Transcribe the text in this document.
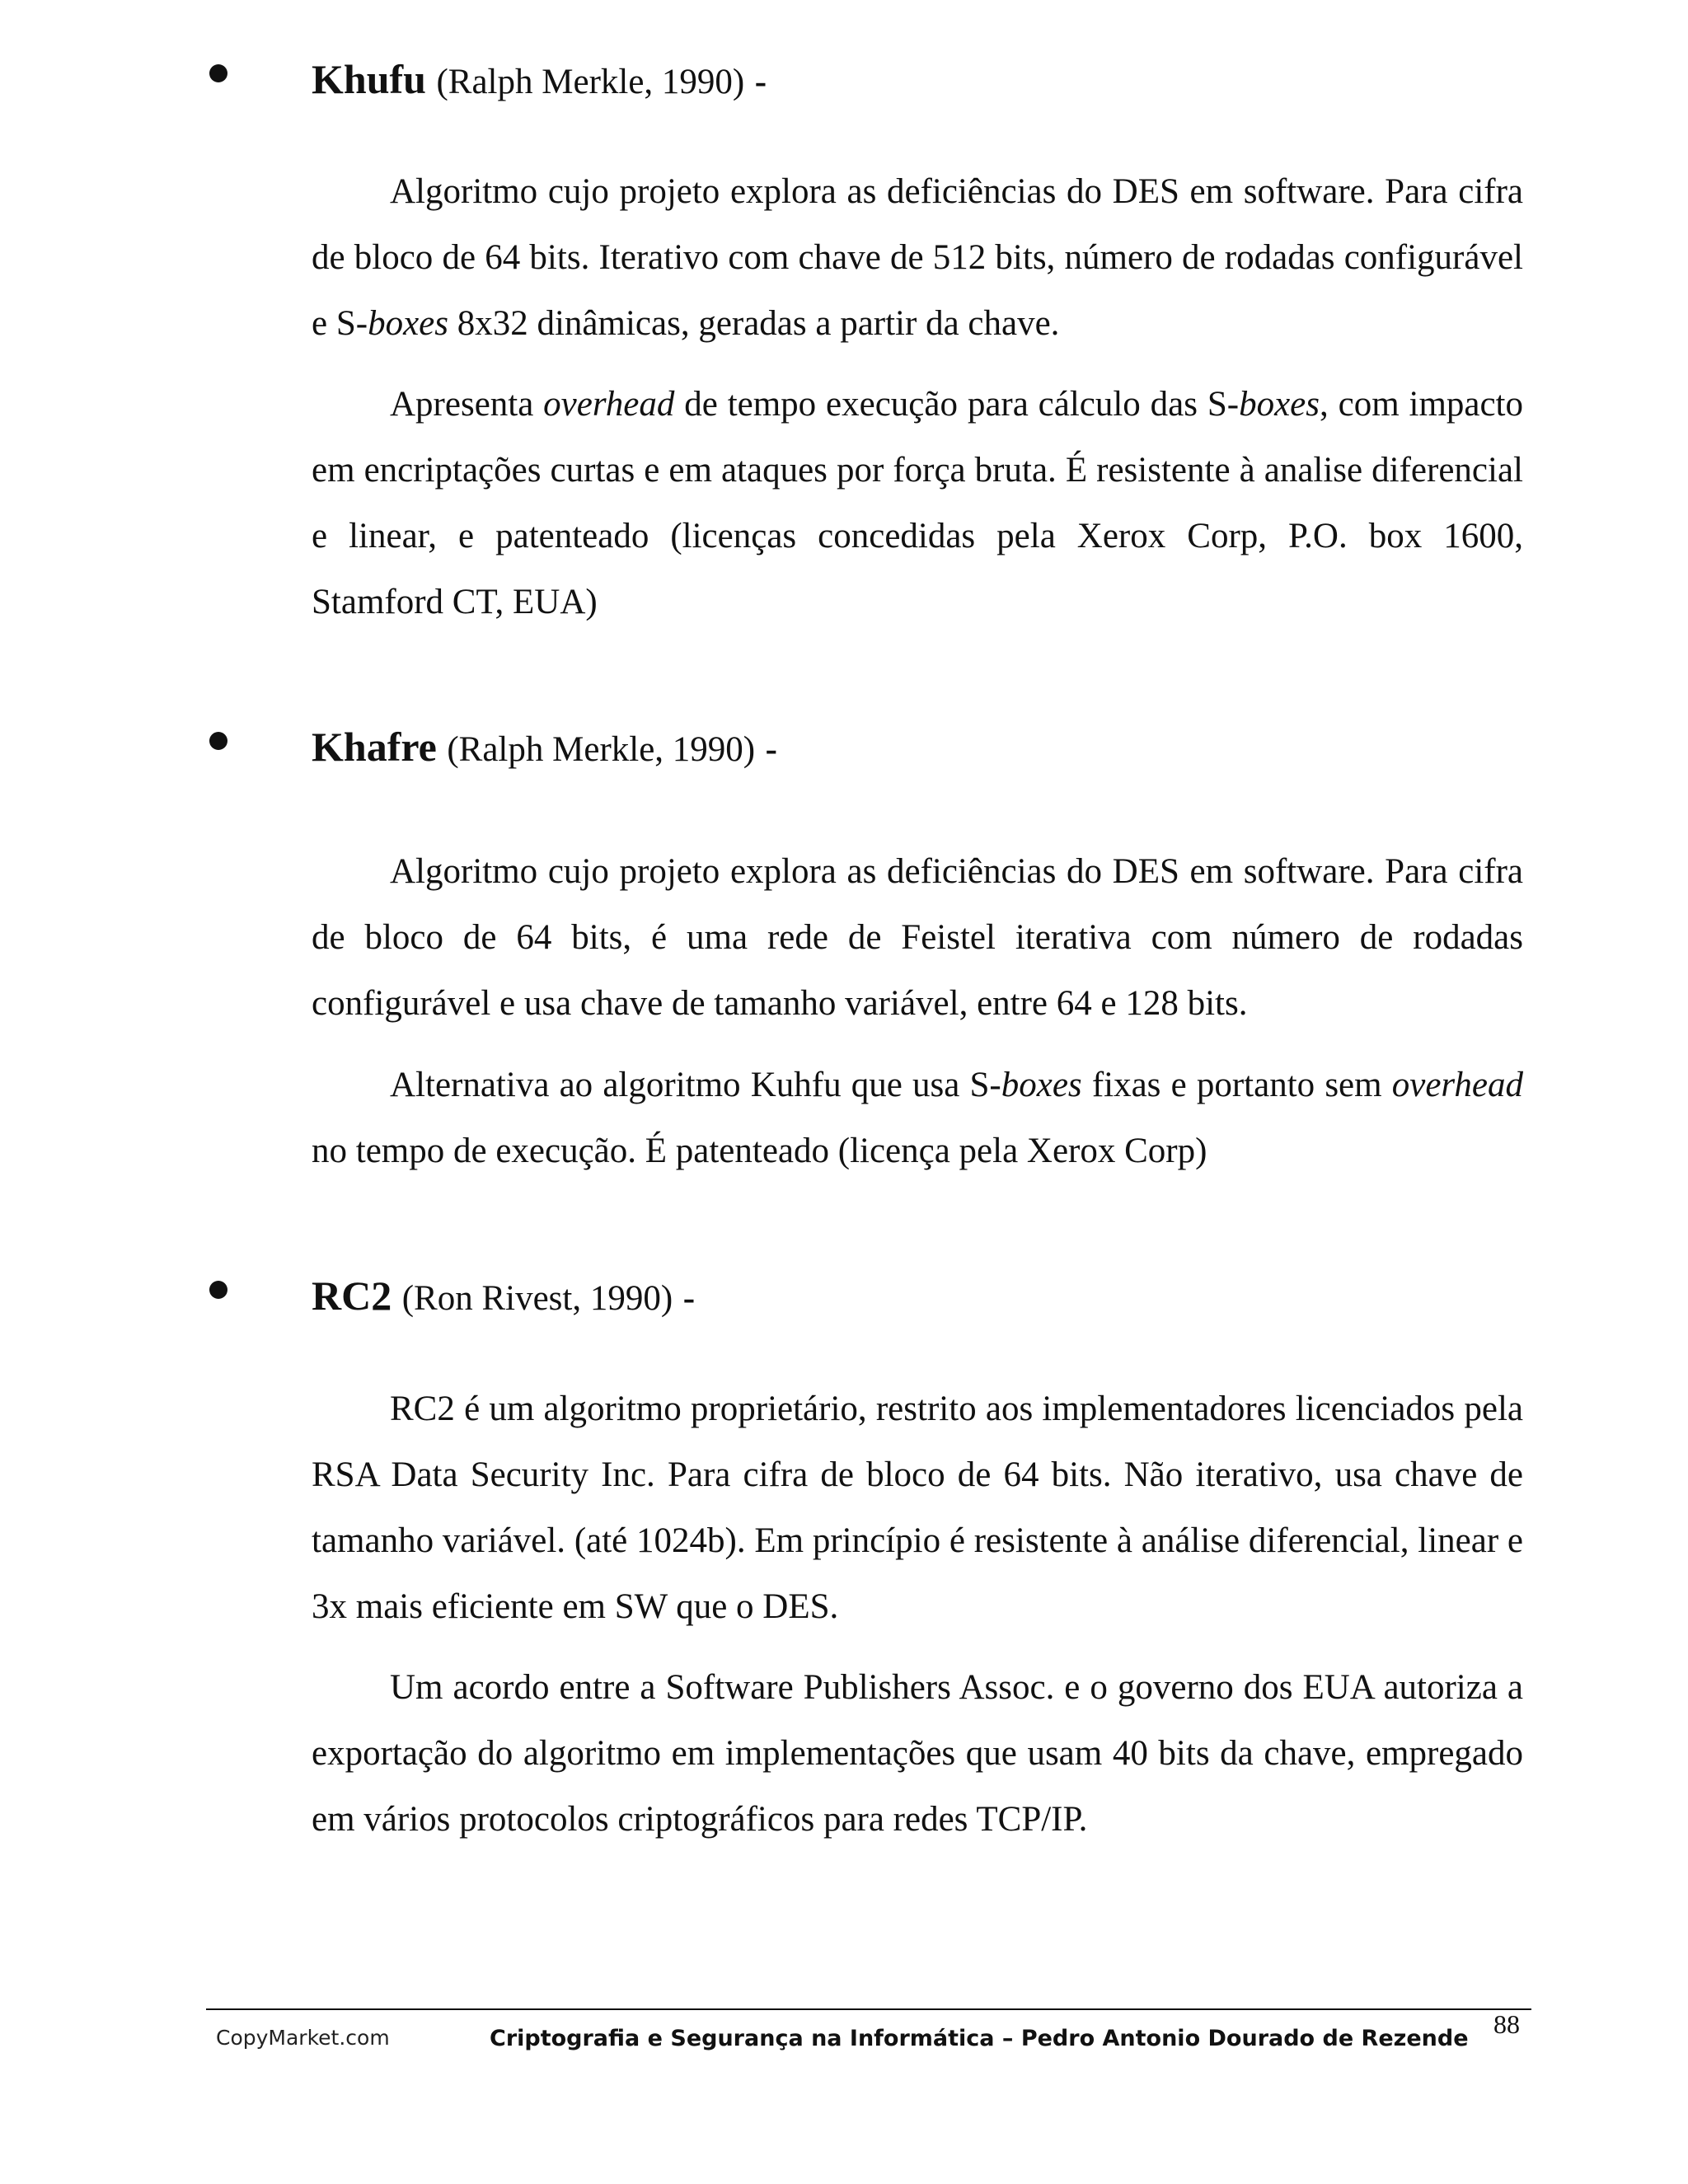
Khufu (Ralph Merkle, 1990) -

Algoritmo cujo projeto explora as deficiências do DES em software. Para cifra de bloco de 64 bits. Iterativo com chave de 512 bits, número de rodadas configurável e S-boxes 8x32 dinâmicas, geradas a partir da chave.

Apresenta overhead de tempo execução para cálculo das S-boxes, com impacto em encriptações curtas e em ataques por força bruta. É resistente à analise diferencial e linear, e patenteado (licenças concedidas pela Xerox Corp, P.O. box 1600, Stamford CT, EUA)

Khafre (Ralph Merkle, 1990) -

Algoritmo cujo projeto explora as deficiências do DES em software. Para cifra de bloco de 64 bits, é uma rede de Feistel iterativa com número de rodadas configurável e usa chave de tamanho variável, entre 64 e 128 bits.

Alternativa ao algoritmo Kuhfu que usa S-boxes fixas e portanto sem overhead no tempo de execução. É patenteado (licença pela Xerox Corp)

RC2 (Ron Rivest, 1990) -

RC2 é um algoritmo proprietário, restrito aos implementadores licenciados pela RSA Data Security Inc. Para cifra de bloco de 64 bits. Não iterativo, usa chave de tamanho variável. (até 1024b). Em princípio é resistente à análise diferencial, linear e 3x mais eficiente em SW que o DES.

Um acordo entre a Software Publishers Assoc. e o governo dos EUA autoriza a exportação do algoritmo em implementações que usam 40 bits da chave, empregado em vários protocolos criptográficos para redes TCP/IP.

88
CopyMarket.com	Criptografia e Segurança na Informática – Pedro Antonio Dourado de Rezende
